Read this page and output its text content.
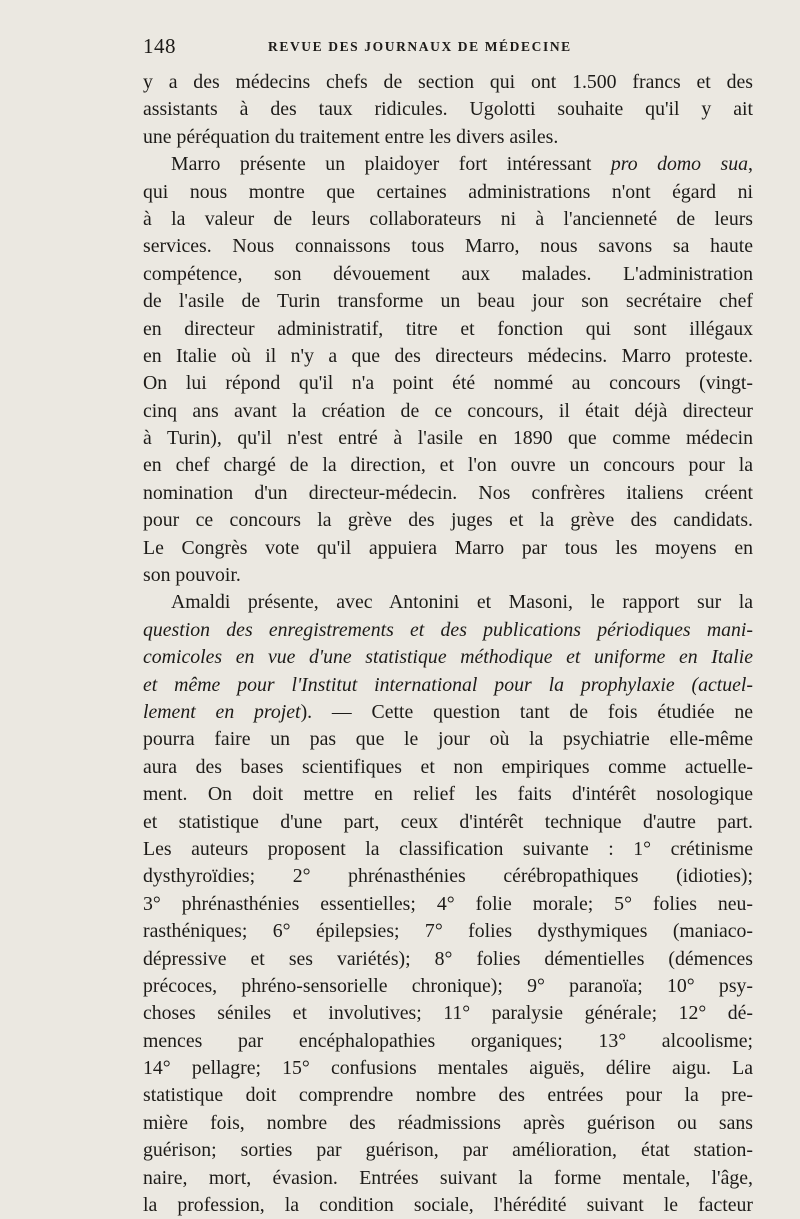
148	REVUE DES JOURNAUX DE MÉDECINE
y a des médecins chefs de section qui ont 1.500 francs et des
assistants à des taux ridicules. Ugolotti souhaite qu'il y ait
une péréquation du traitement entre les divers asiles.
Marro présente un plaidoyer fort intéressant pro domo sua,
qui nous montre que certaines administrations n'ont égard ni
à la valeur de leurs collaborateurs ni à l'ancienneté de leurs
services. Nous connaissons tous Marro, nous savons sa haute
compétence, son dévouement aux malades. L'administration
de l'asile de Turin transforme un beau jour son secrétaire chef
en directeur administratif, titre et fonction qui sont illégaux
en Italie où il n'y a que des directeurs médecins. Marro proteste.
On lui répond qu'il n'a point été nommé au concours (vingt-
cinq ans avant la création de ce concours, il était déjà directeur
à Turin), qu'il n'est entré à l'asile en 1890 que comme médecin
en chef chargé de la direction, et l'on ouvre un concours pour la
nomination d'un directeur-médecin. Nos confrères italiens créent
pour ce concours la grève des juges et la grève des candidats.
Le Congrès vote qu'il appuiera Marro par tous les moyens en
son pouvoir.
Amaldi présente, avec Antonini et Masoni, le rapport sur la
question des enregistrements et des publications périodiques mani-
comicoles en vue d'une statistique méthodique et uniforme en Italie
et même pour l'Institut international pour la prophylaxie (actuel-
lement en projet). — Cette question tant de fois étudiée ne
pourra faire un pas que le jour où la psychiatrie elle-même
aura des bases scientifiques et non empiriques comme actuelle-
ment. On doit mettre en relief les faits d'intérêt nosologique
et statistique d'une part, ceux d'intérêt technique d'autre part.
Les auteurs proposent la classification suivante : 1° crétinisme
dysthyroïdies; 2° phrénasthénies cérébropathiques (idioties);
3° phrénasthénies essentielles; 4° folie morale; 5° folies neu-
rasthéniques; 6° épilepsies; 7° folies dysthymiques (maniaco-
dépressive et ses variétés); 8° folies démentielles (démences
précoces, phréno-sensorielle chronique); 9° paranoïa; 10° psy-
choses séniles et involutives; 11° paralysie générale; 12° dé-
mences par encéphalopathies organiques; 13° alcoolisme;
14° pellagre; 15° confusions mentales aiguës, délire aigu. La
statistique doit comprendre nombre des entrées pour la pre-
mière fois, nombre des réadmissions après guérison ou sans
guérison; sorties par guérison, par amélioration, état station-
naire, mort, évasion. Entrées suivant la forme mentale, l'âge,
la profession, la condition sociale, l'hérédité suivant le facteur
